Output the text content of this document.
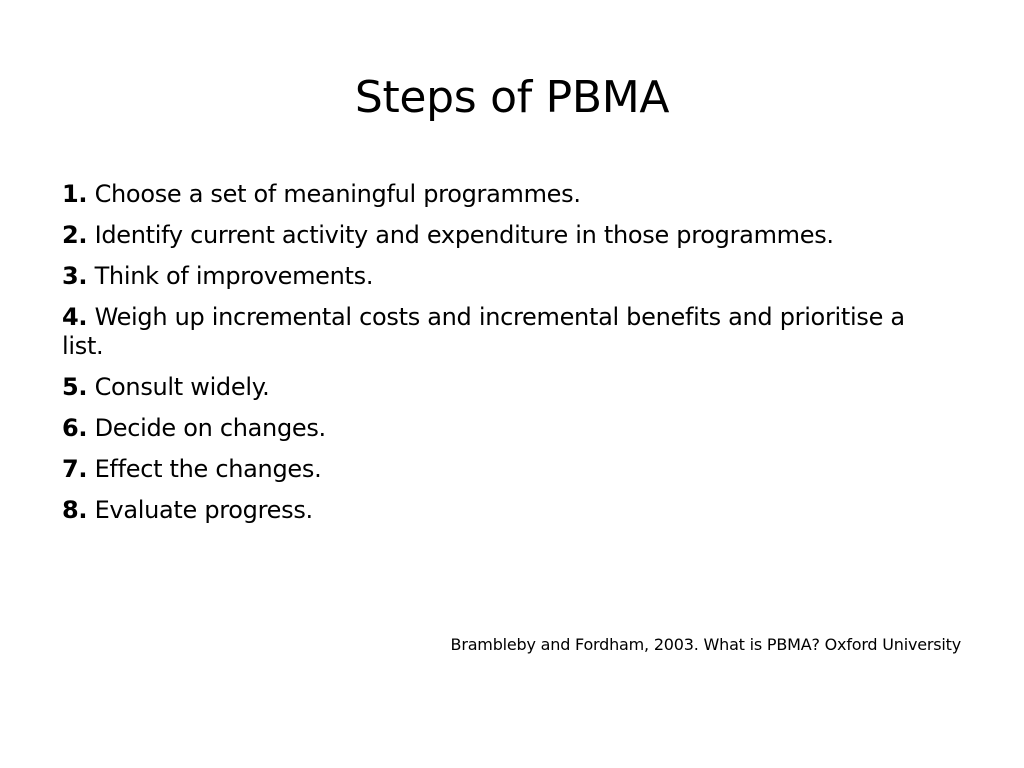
Steps of PBMA
1. Choose a set of meaningful programmes.
2. Identify current activity and expenditure in those programmes.
3. Think of improvements.
4. Weigh up incremental costs and incremental benefits and prioritise a list.
5. Consult widely.
6. Decide on changes.
7. Effect the changes.
8. Evaluate progress.

Brambleby and Fordham, 2003. What is PBMA? Oxford University
